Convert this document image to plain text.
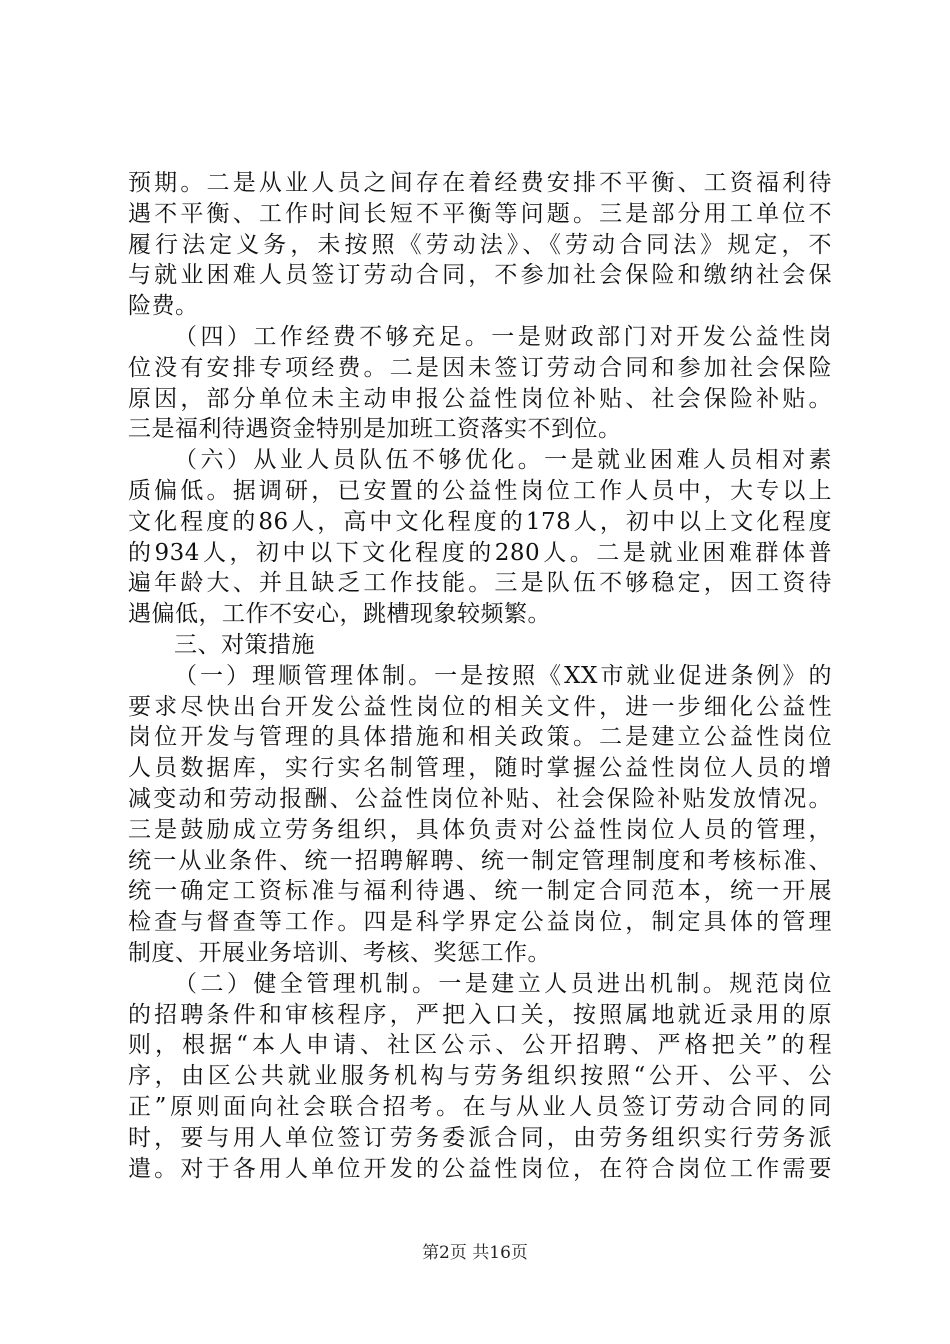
预期。二是从业人员之间存在着经费安排不平衡、工资福利待
遇不平衡、工作时间长短不平衡等问题。三是部分用工单位不
履行法定义务，未按照《劳动法》、《劳动合同法》规定，不
与就业困难人员签订劳动合同，不参加社会保险和缴纳社会保
险费。
（四）工作经费不够充足。一是财政部门对开发公益性岗
位没有安排专项经费。二是因未签订劳动合同和参加社会保险
原因，部分单位未主动申报公益性岗位补贴、社会保险补贴。
三是福利待遇资金特别是加班工资落实不到位。
（六）从业人员队伍不够优化。一是就业困难人员相对素
质偏低。据调研，已安置的公益性岗位工作人员中，大专以上
文化程度的86人，高中文化程度的178人，初中以上文化程度
的934人，初中以下文化程度的280人。二是就业困难群体普
遍年龄大、并且缺乏工作技能。三是队伍不够稳定，因工资待
遇偏低，工作不安心，跳槽现象较频繁。
三、对策措施
（一）理顺管理体制。一是按照《XX市就业促进条例》的
要求尽快出台开发公益性岗位的相关文件，进一步细化公益性
岗位开发与管理的具体措施和相关政策。二是建立公益性岗位
人员数据库，实行实名制管理，随时掌握公益性岗位人员的增
减变动和劳动报酬、公益性岗位补贴、社会保险补贴发放情况。
三是鼓励成立劳务组织，具体负责对公益性岗位人员的管理，
统一从业条件、统一招聘解聘、统一制定管理制度和考核标准、
统一确定工资标准与福利待遇、统一制定合同范本，统一开展
检查与督查等工作。四是科学界定公益岗位，制定具体的管理
制度、开展业务培训、考核、奖惩工作。
（二）健全管理机制。一是建立人员进出机制。规范岗位
的招聘条件和审核程序，严把入口关，按照属地就近录用的原
则，根据“本人申请、社区公示、公开招聘、严格把关”的程
序，由区公共就业服务机构与劳务组织按照“公开、公平、公
正”原则面向社会联合招考。在与从业人员签订劳动合同的同
时，要与用人单位签订劳务委派合同，由劳务组织实行劳务派
遣。对于各用人单位开发的公益性岗位，在符合岗位工作需要
第2页 共16页
